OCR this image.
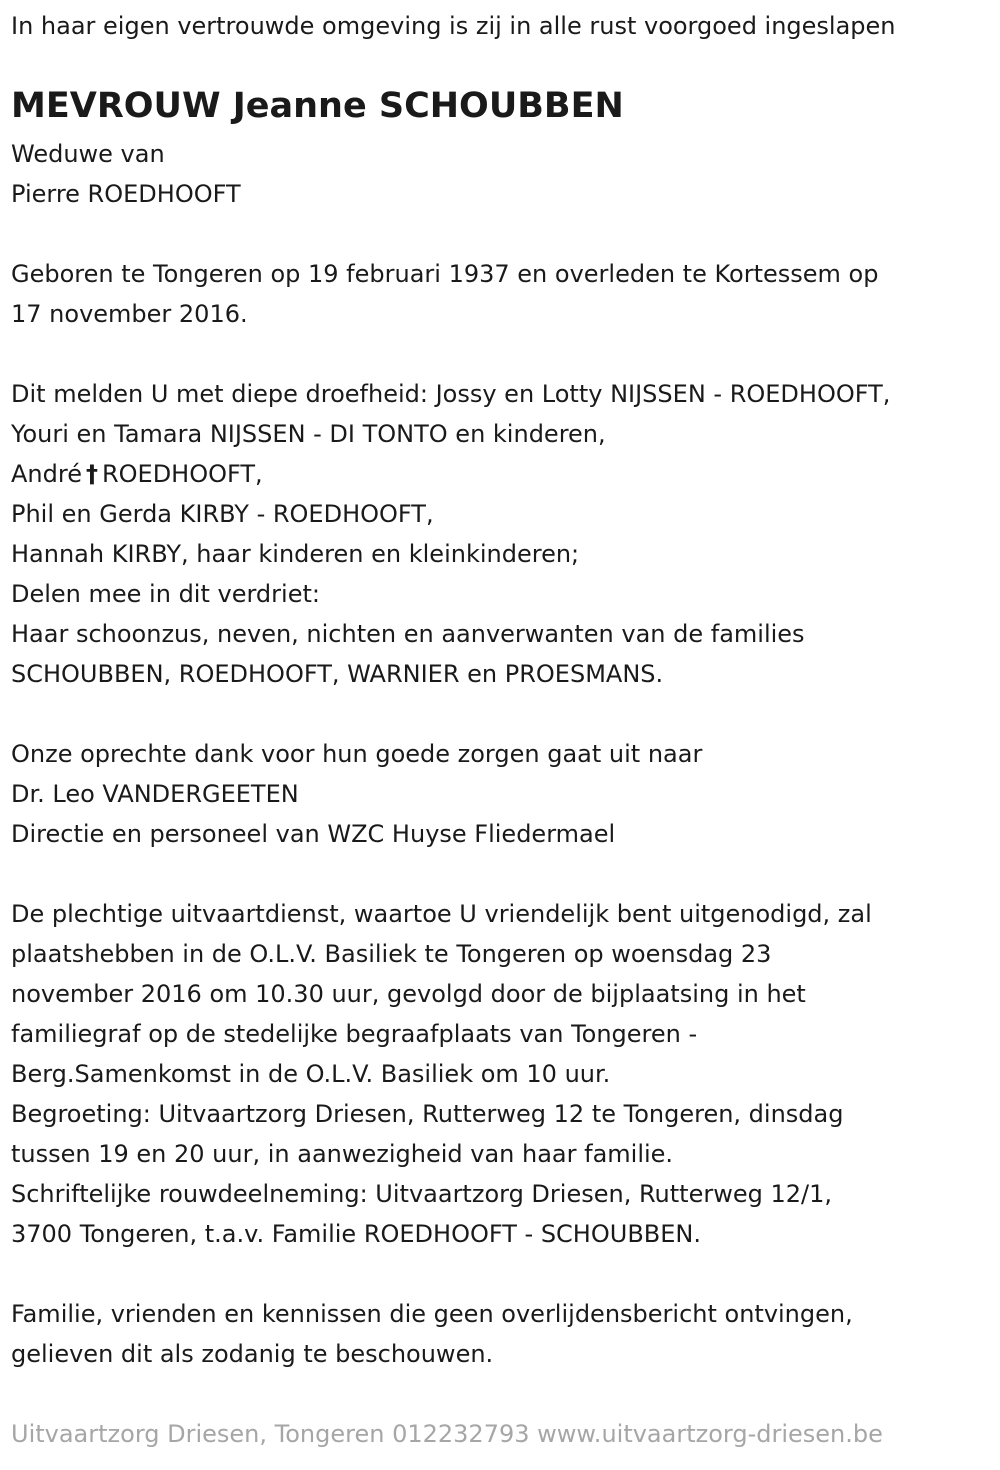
In haar eigen vertrouwde omgeving is zij in alle rust voorgoed ingeslapen
MEVROUW Jeanne SCHOUBBEN
Weduwe van
Pierre ROEDHOOFT
Geboren te Tongeren op 19 februari 1937 en overleden te Kortessem op
17 november 2016.
Dit melden U met diepe droefheid: Jossy en Lotty NIJSSEN - ROEDHOOFT,
Youri en Tamara NIJSSEN - DI TONTO en kinderen,
André † ROEDHOOFT,
Phil en Gerda KIRBY - ROEDHOOFT,
Hannah KIRBY, haar kinderen en kleinkinderen;
Delen mee in dit verdriet:
Haar schoonzus, neven, nichten en aanverwanten van de families
SCHOUBBEN, ROEDHOOFT, WARNIER en PROESMANS.
Onze oprechte dank voor hun goede zorgen gaat uit naar
Dr. Leo VANDERGEETEN
Directie en personeel van WZC Huyse Fliedermael
De plechtige uitvaartdienst, waartoe U vriendelijk bent uitgenodigd, zal
plaatshebben in de O.L.V. Basiliek te Tongeren op woensdag 23
november 2016 om 10.30 uur, gevolgd door de bijplaatsing in het
familiegraf op de stedelijke begraafplaats van Tongeren -
Berg.Samenkomst in de O.L.V. Basiliek om 10 uur.
Begroeting: Uitvaartzorg Driesen, Rutterweg 12 te Tongeren, dinsdag
tussen 19 en 20 uur, in aanwezigheid van haar familie.
Schriftelijke rouwdeelneming: Uitvaartzorg Driesen, Rutterweg 12/1,
3700 Tongeren, t.a.v. Familie ROEDHOOFT - SCHOUBBEN.
Familie, vrienden en kennissen die geen overlijdensbericht ontvingen,
gelieven dit als zodanig te beschouwen.
Uitvaartzorg Driesen, Tongeren 012232793 www.uitvaartzorg-driesen.be
